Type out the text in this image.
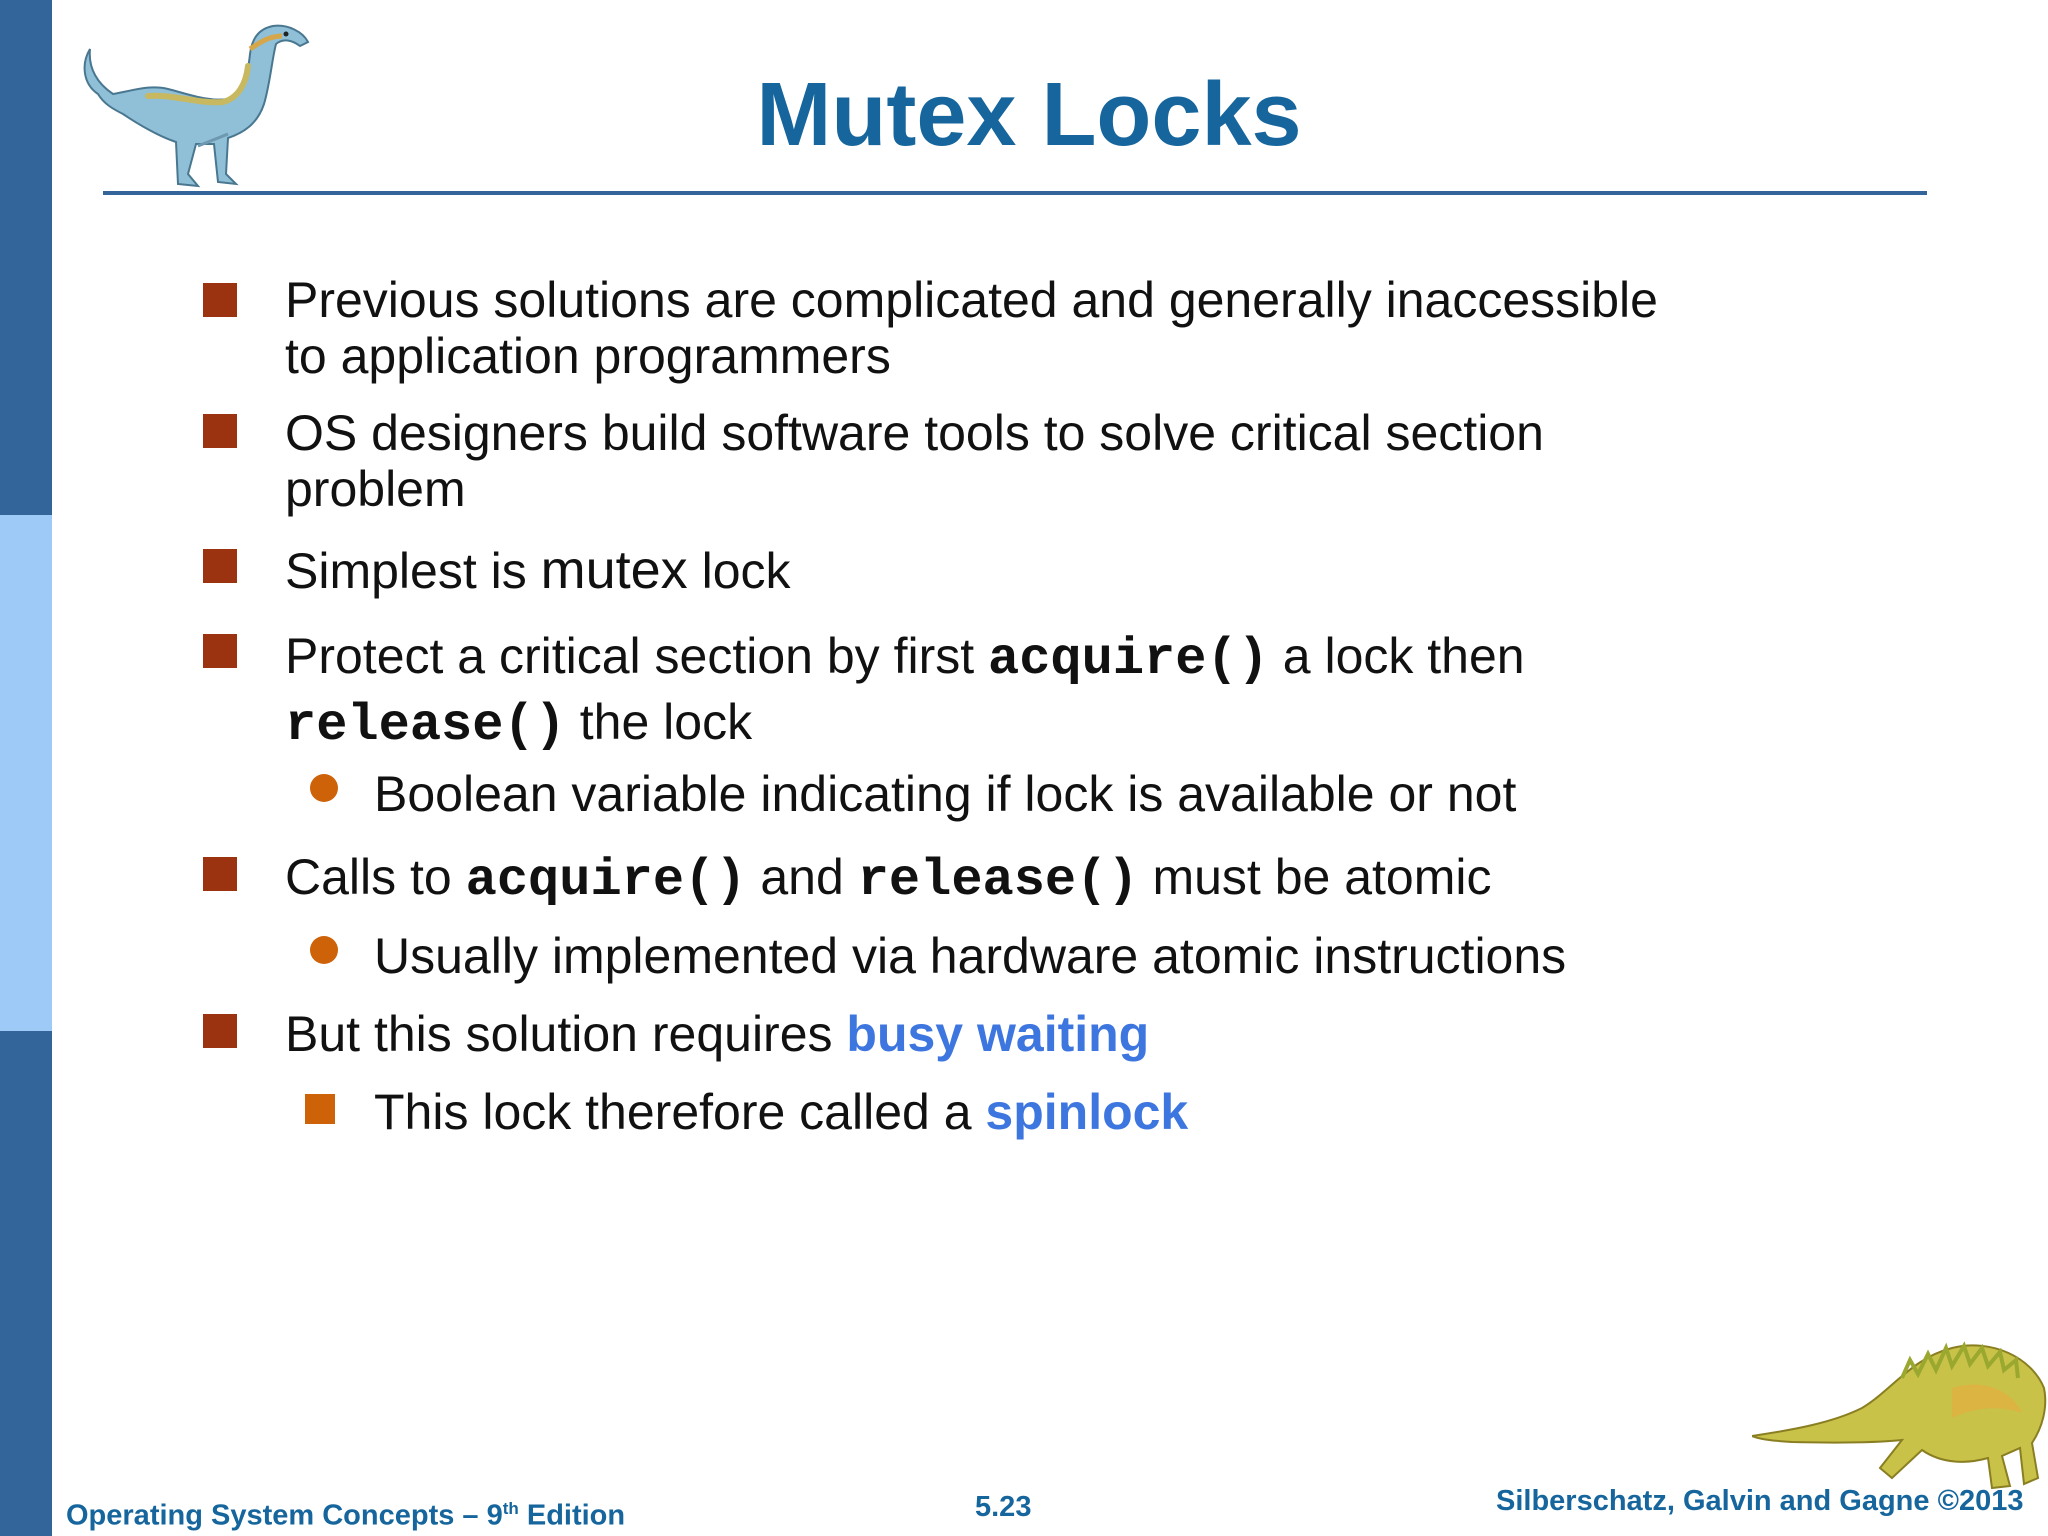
Mutex Locks
Previous solutions are complicated and generally inaccessible
to application programmers
OS designers build software tools to solve critical section
problem
Simplest is mutex lock
Protect a critical section by first acquire() a lock then
release() the lock
Boolean variable indicating if lock is available or not
Calls to acquire() and release() must be atomic
Usually implemented via hardware atomic instructions
But this solution requires busy waiting
This lock therefore called a spinlock
Operating System Concepts – 9th Edition	5.23	Silberschatz, Galvin and Gagne ©2013
